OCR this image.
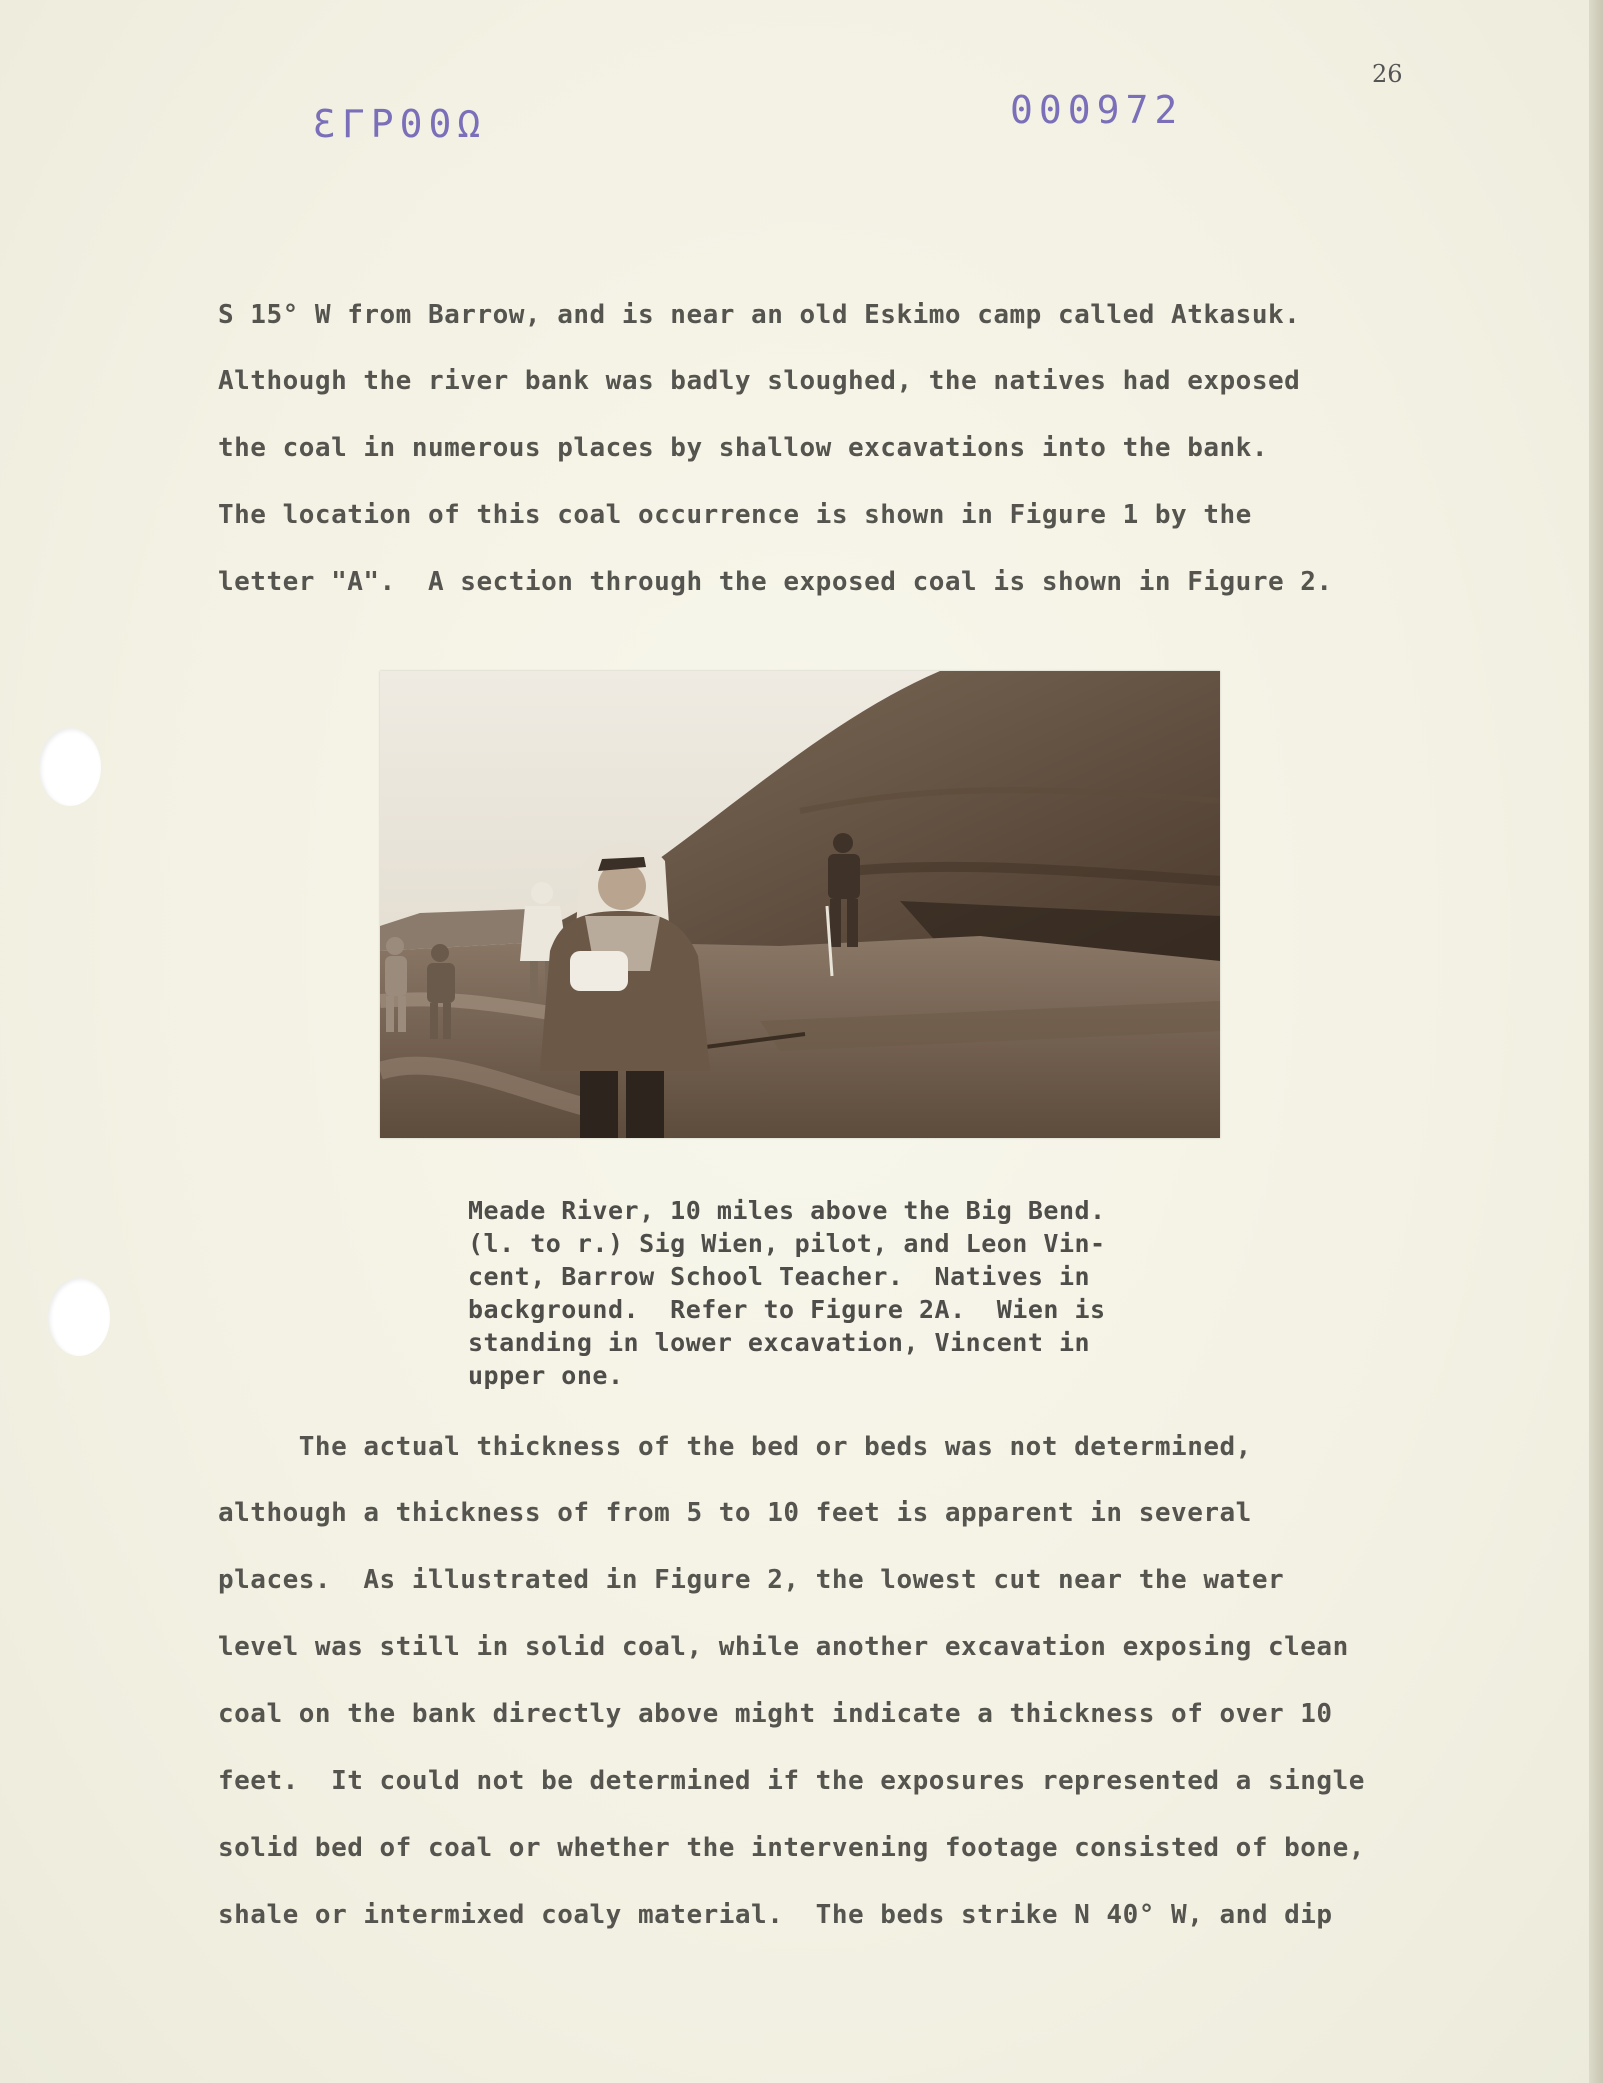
ƐΓР00Ω	000972
26
S 15° W from Barrow, and is near an old Eskimo camp called Atkasuk.
Although the river bank was badly sloughed, the natives had exposed
the coal in numerous places by shallow excavations into the bank.
The location of this coal occurrence is shown in Figure 1 by the
letter "A".  A section through the exposed coal is shown in Figure 2.
Meade River, 10 miles above the Big Bend.
(l. to r.) Sig Wien, pilot, and Leon Vin-
cent, Barrow School Teacher.  Natives in
background.  Refer to Figure 2A.  Wien is
standing in lower excavation, Vincent in
upper one.
The actual thickness of the bed or beds was not determined,
although a thickness of from 5 to 10 feet is apparent in several
places.  As illustrated in Figure 2, the lowest cut near the water
level was still in solid coal, while another excavation exposing clean
coal on the bank directly above might indicate a thickness of over 10
feet.  It could not be determined if the exposures represented a single
solid bed of coal or whether the intervening footage consisted of bone,
shale or intermixed coaly material.  The beds strike N 40° W, and dip
